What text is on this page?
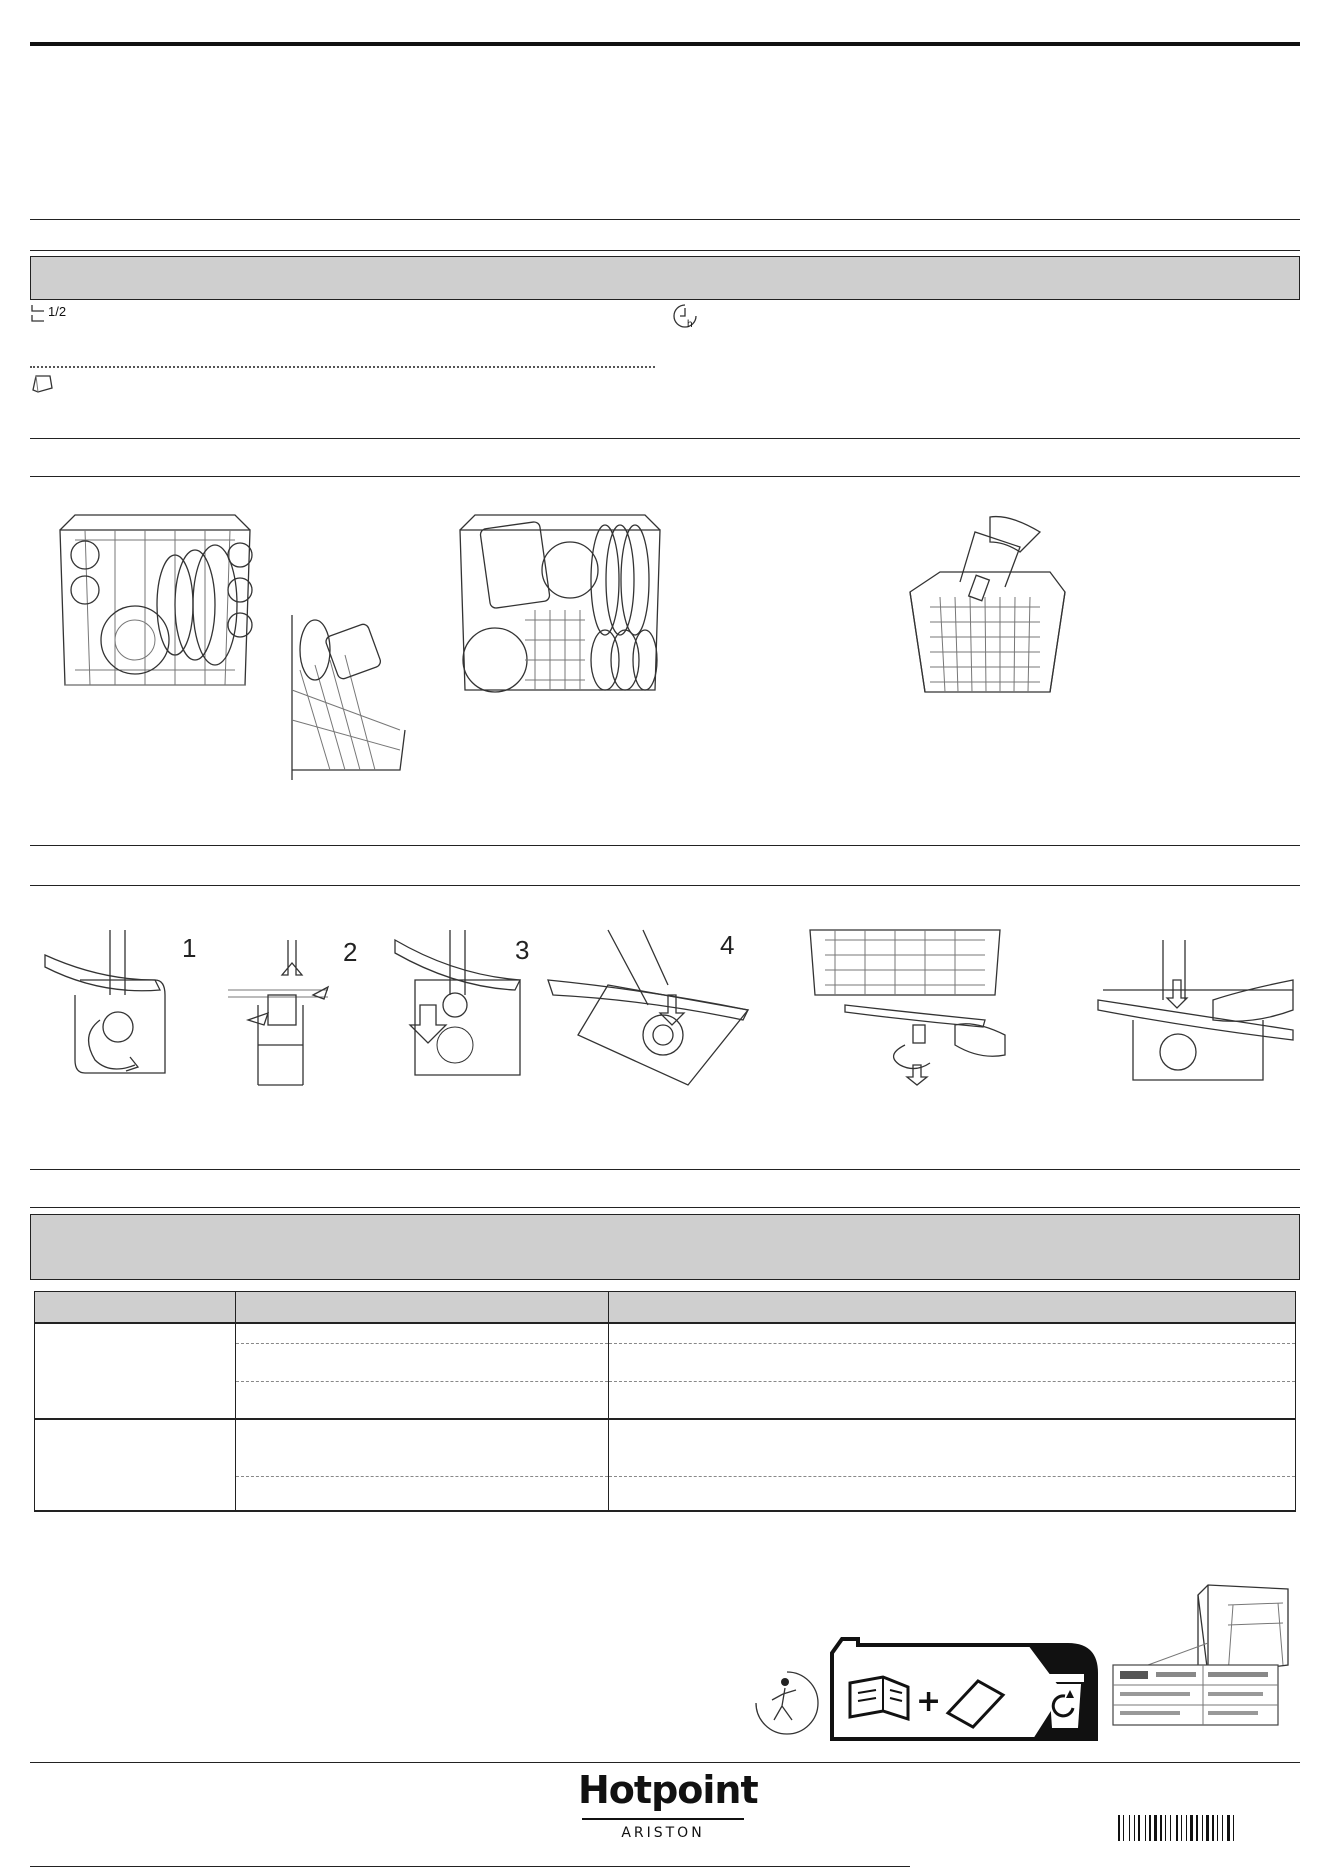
1/2
h
1	2	3	4

+
Hotpoint
ARISTON
